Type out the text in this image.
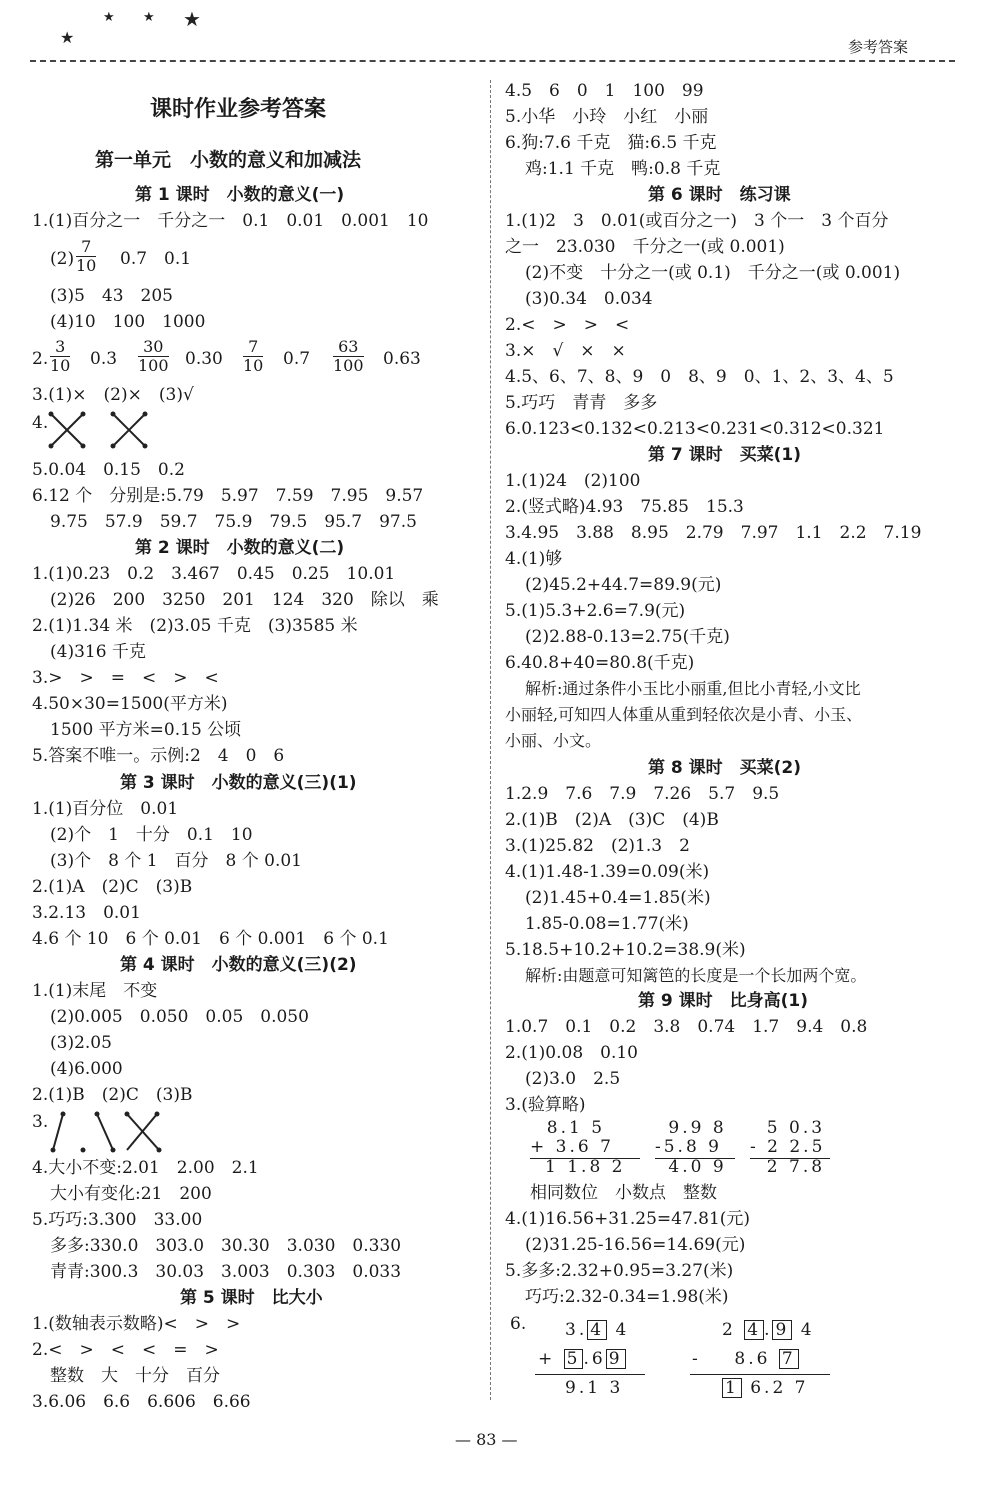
★
★ ★ ★
参考答案
课时作业参考答案
第一单元　小数的意义和加减法
第 1 课时　小数的意义(一)
1.(1)百分之一　千分之一　0.1　0.01　0.001　10
$(2) \frac{7}{10} 0.7$　0.1
(3)5　43　205
(4)10　100　1000
2. $\frac{3}{10} 0.3 \frac{30}{100} 0.30 \frac{7}{10} 0.7 \frac{63}{100} 0.63$
3.(1)×　(2)×　(3)√
4.
5.0.04　0.15　0.2
6.12 个　分别是:5.79　5.97　7.59　7.95　9.57
9.75　57.9　59.7　75.9　79.5　95.7　97.5
第 2 课时　小数的意义(二)
1.(1)0.23　0.2　3.467　0.45　0.25　10.01
(2)26　200　3250　201　124　320　除以　乘
2.(1)1.34 米　(2)3.05 千克　(3)3585 米
(4)316 千克
3.>　>　=　<　>　<
4.50×30=1500(平方米)
1500 平方米=0.15 公顷
5.答案不唯一。示例:2　4　0　6
第 3 课时　小数的意义(三)(1)
1.(1)百分位　0.01
(2)个　1　十分　0.1　10
(3)个　8 个 1　百分　8 个 0.01
2.(1)A　(2)C　(3)B
3.2.13　0.01
4.6 个 10　6 个 0.01　6 个 0.001　6 个 0.1
第 4 课时　小数的意义(三)(2)
1.(1)末尾　不变
(2)0.005　0.050　0.05　0.050
(3)2.05
(4)6.000
2.(1)B　(2)C　(3)B
3.
4.大小不变:2.01　2.00　2.1
大小有变化:21　200
5.巧巧:3.300　33.00
多多:330.0　303.0　30.30　3.030　0.330
青青:300.3　30.03　3.003　0.303　0.033
第 5 课时　比大小
1.(数轴表示数略)<　>　>
2.<　>　<　<　=　>
整数　大　十分　百分
3.6.06　6.6　6.606　6.66
4.5　6　0　1　100　99
5.小华　小玲　小红　小丽
6.狗:7.6 千克　猫:6.5 千克
鸡:1.1 千克　鸭:0.8 千克
第 6 课时　练习课
1.(1)2　3　0.01(或百分之一)　3 个一　3 个百分
之一　23.030　千分之一(或 0.001)
(2)不变　十分之一(或 0.1)　千分之一(或 0.001)
(3)0.34　0.034
2.<　>　>　<
3.×　√　×　×
4.5、6、7、8、9　0　8、9　0、1、2、3、4、5
5.巧巧　青青　多多
6.0.123<0.132<0.213<0.231<0.312<0.321
第 7 课时　买菜(1)
1.(1)24　(2)100
2.(竖式略)4.93　75.85　15.3
3.4.95　3.88　8.95　2.79　7.97　1.1　2.2　7.19
4.(1)够
(2)45.2+44.7=89.9(元)
5.(1)5.3+2.6=7.9(元)
(2)2.88-0.13=2.75(千克)
6.40.8+40=80.8(千克)
解析:通过条件小玉比小丽重,但比小青轻,小文比
小丽轻,可知四人体重从重到轻依次是小青、小玉、
小丽、小文。
第 8 课时　买菜(2)
1.2.9　7.6　7.9　7.26　5.7　9.5
2.(1)B　(2)A　(3)C　(4)B
3.(1)25.82　(2)1.3　2
4.(1)1.48-1.39=0.09(米)
(2)1.45+0.4=1.85(米)
1.85-0.08=1.77(米)
5.18.5+10.2+10.2=38.9(米)
解析:由题意可知篱笆的长度是一个长加两个宽。
第 9 课时　比身高(1)
1.0.7　0.1　0.2　3.8　0.74　1.7　9.4　0.8
2.(1)0.08　0.10
(2)3.0　2.5
3.(验算略)
8.1 5
+ 3.6 7
1 1.8 2
9.9 8
-5.8 9
4.0 9
5 0.3
- 2 2.5
2 7.8
相同数位　小数点　整数
4.(1)16.56+31.25=47.81(元)
(2)31.25-16.56=14.69(元)
5.多多:2.32+0.95=3.27(米)
巧巧:2.32-0.34=1.98(米)
6. 3. 4 4
+ 5 .6 9
9.1 3
2 4 . 9 4
- 8.6 7
1 6.2 7
— 83 —
